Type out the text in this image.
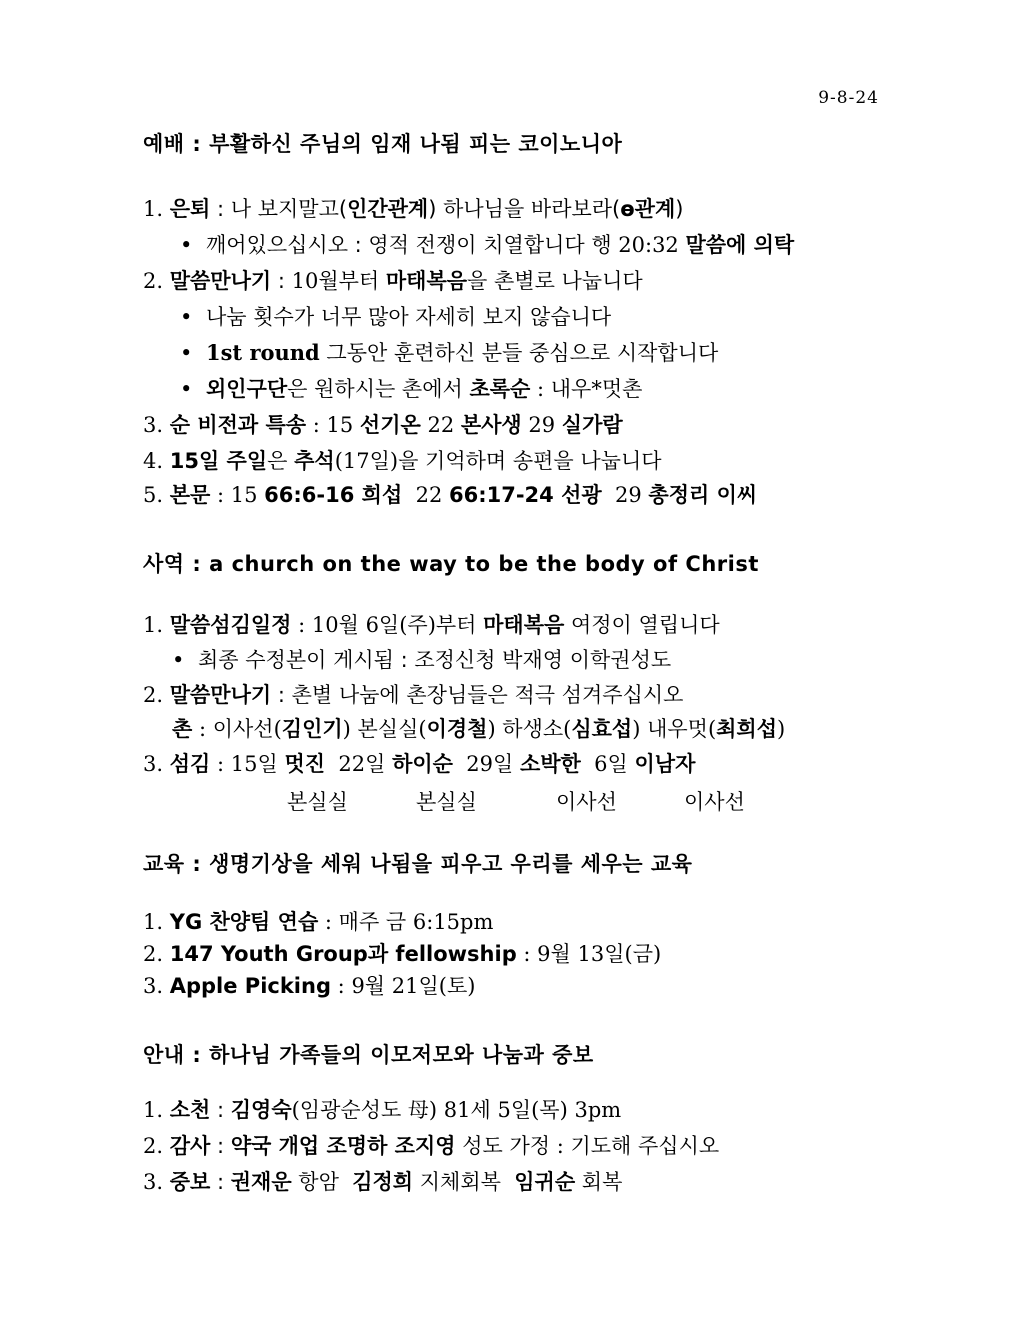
9-8-24
예배 : 부활하신 주님의 임재 나됨 피는 코이노니아
1. 은퇴 : 나 보지말고(인간관계) 하나님을 바라보라(ɵ관계)
• 깨어있으십시오 : 영적 전쟁이 치열합니다 행 20:32 말씀에 의탁
2. 말씀만나기 : 10월부터 마태복음을 촌별로 나눕니다
• 나눔 횟수가 너무 많아 자세히 보지 않습니다
• 1st round 그동안 훈련하신 분들 중심으로 시작합니다
• 외인구단은 원하시는 촌에서 초록순 : 내우*멋촌
3. 순 비전과 특송 : 15 선기온 22 본사생 29 실가람
4. 15일 주일은 추석(17일)을 기억하며 송편을 나눕니다
5. 본문 : 15 66:6-16 희섭  22 66:17-24 선광  29 총정리 이씨
사역 : a church on the way to be the body of Christ
1. 말씀섬김일정 : 10월 6일(주)부터 마태복음 여정이 열립니다
• 최종 수정본이 게시됨 : 조정신청 박재영 이학권성도
2. 말씀만나기 : 촌별 나눔에 촌장님들은 적극 섬겨주십시오
촌 : 이사선(김인기) 본실실(이경철) 하생소(심효섭) 내우멋(최희섭)
3. 섬김 : 15일 멋진  22일 하이순  29일 소박한  6일 이남자
본실실	본실실	이사선	이사선
교육 : 생명기상을 세워 나됨을 피우고 우리를 세우는 교육
1. YG 찬양팀 연습 : 매주 금 6:15pm
2. 147 Youth Group과 fellowship : 9월 13일(금)
3. Apple Picking : 9월 21일(토)
안내 : 하나님 가족들의 이모저모와 나눔과 중보
1. 소천 : 김영숙(임광순성도 母) 81세 5일(목) 3pm
2. 감사 : 약국 개업 조명하 조지영 성도 가정 : 기도해 주십시오
3. 중보 : 권재운 항암  김정희 지체회복  임귀순 회복
